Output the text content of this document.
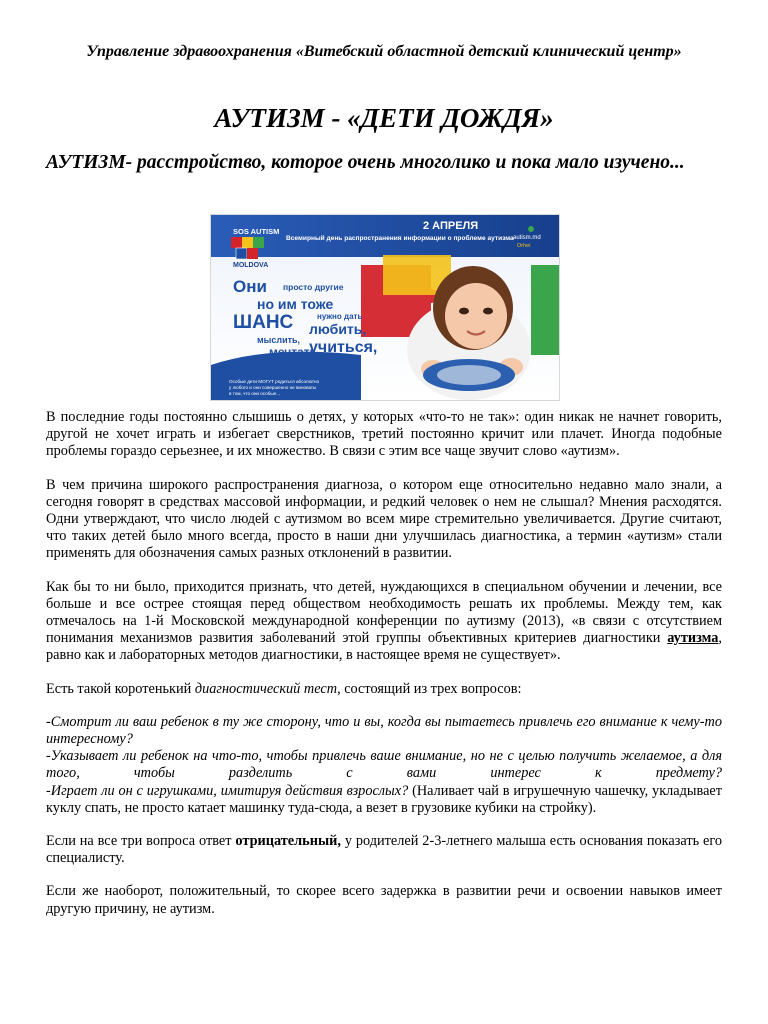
Управление здравоохранения «Витебский областной детский клинический центр»
АУТИЗМ - «ДЕТИ ДОЖДЯ»
АУТИЗМ- расстройство, которое очень многолико и пока мало изучено...
SOS AUTISM
MOLDOVA
2 АПРЕЛЯ
Всемирный день распространения информации о проблеме аутизма autism.md
Orhei
Они просто другие
но им тоже
нужно дать
ШАНС любить,
мыслить, учиться,
мечтать
Особые дети МОГУТ родиться абсолютно
у любого и они совершенно не виноваты
в том, что они особые...

В последние годы постоянно слышишь о детях, у которых «что-то не так»: один никак не начнет говорить, другой не хочет играть и избегает сверстников, третий постоянно кричит или плачет. Иногда подобные проблемы гораздо серьезнее, и их множество. В связи с этим все чаще звучит слово «аутизм».

В чем причина широкого распространения диагноза, о котором еще относительно недавно мало знали, а сегодня говорят в средствах массовой информации, и редкий человек о нем не слышал? Мнения расходятся. Одни утверждают, что число людей с аутизмом во всем мире стремительно увеличивается. Другие считают, что таких детей было много всегда, просто в наши дни улучшилась диагностика, а термин «аутизм» стали применять для обозначения самых разных отклонений в развитии.

Как бы то ни было, приходится признать, что детей, нуждающихся в специальном обучении и лечении, все больше и все острее стоящая перед обществом необходимость решать их проблемы. Между тем, как отмечалось на 1-й Московской международной конференции по аутизму (2013), «в связи с отсутствием понимания механизмов развития заболеваний этой группы объективных критериев диагностики аутизма, равно как и лабораторных методов диагностики, в настоящее время не существует».

Есть такой коротенький диагностический тест, состоящий из трех вопросов:

-Смотрит ли ваш ребенок в ту же сторону, что и вы, когда вы пытаетесь привлечь его внимание к чему-то интересному?
-Указывает ли ребенок на что-то, чтобы привлечь ваше внимание, но не с целью получить желаемое, а для того, чтобы разделить с вами интерес к предмету?
-Играет ли он с игрушками, имитируя действия взрослых? (Наливает чай в игрушечную чашечку, укладывает куклу спать, не просто катает машинку туда-сюда, а везет в грузовике кубики на стройку).

Если на все три вопроса ответ отрицательный, у родителей 2-3-летнего малыша есть основания показать его специалисту.

Если же наоборот, положительный, то скорее всего задержка в развитии речи и освоении навыков имеет другую причину, не аутизм.
